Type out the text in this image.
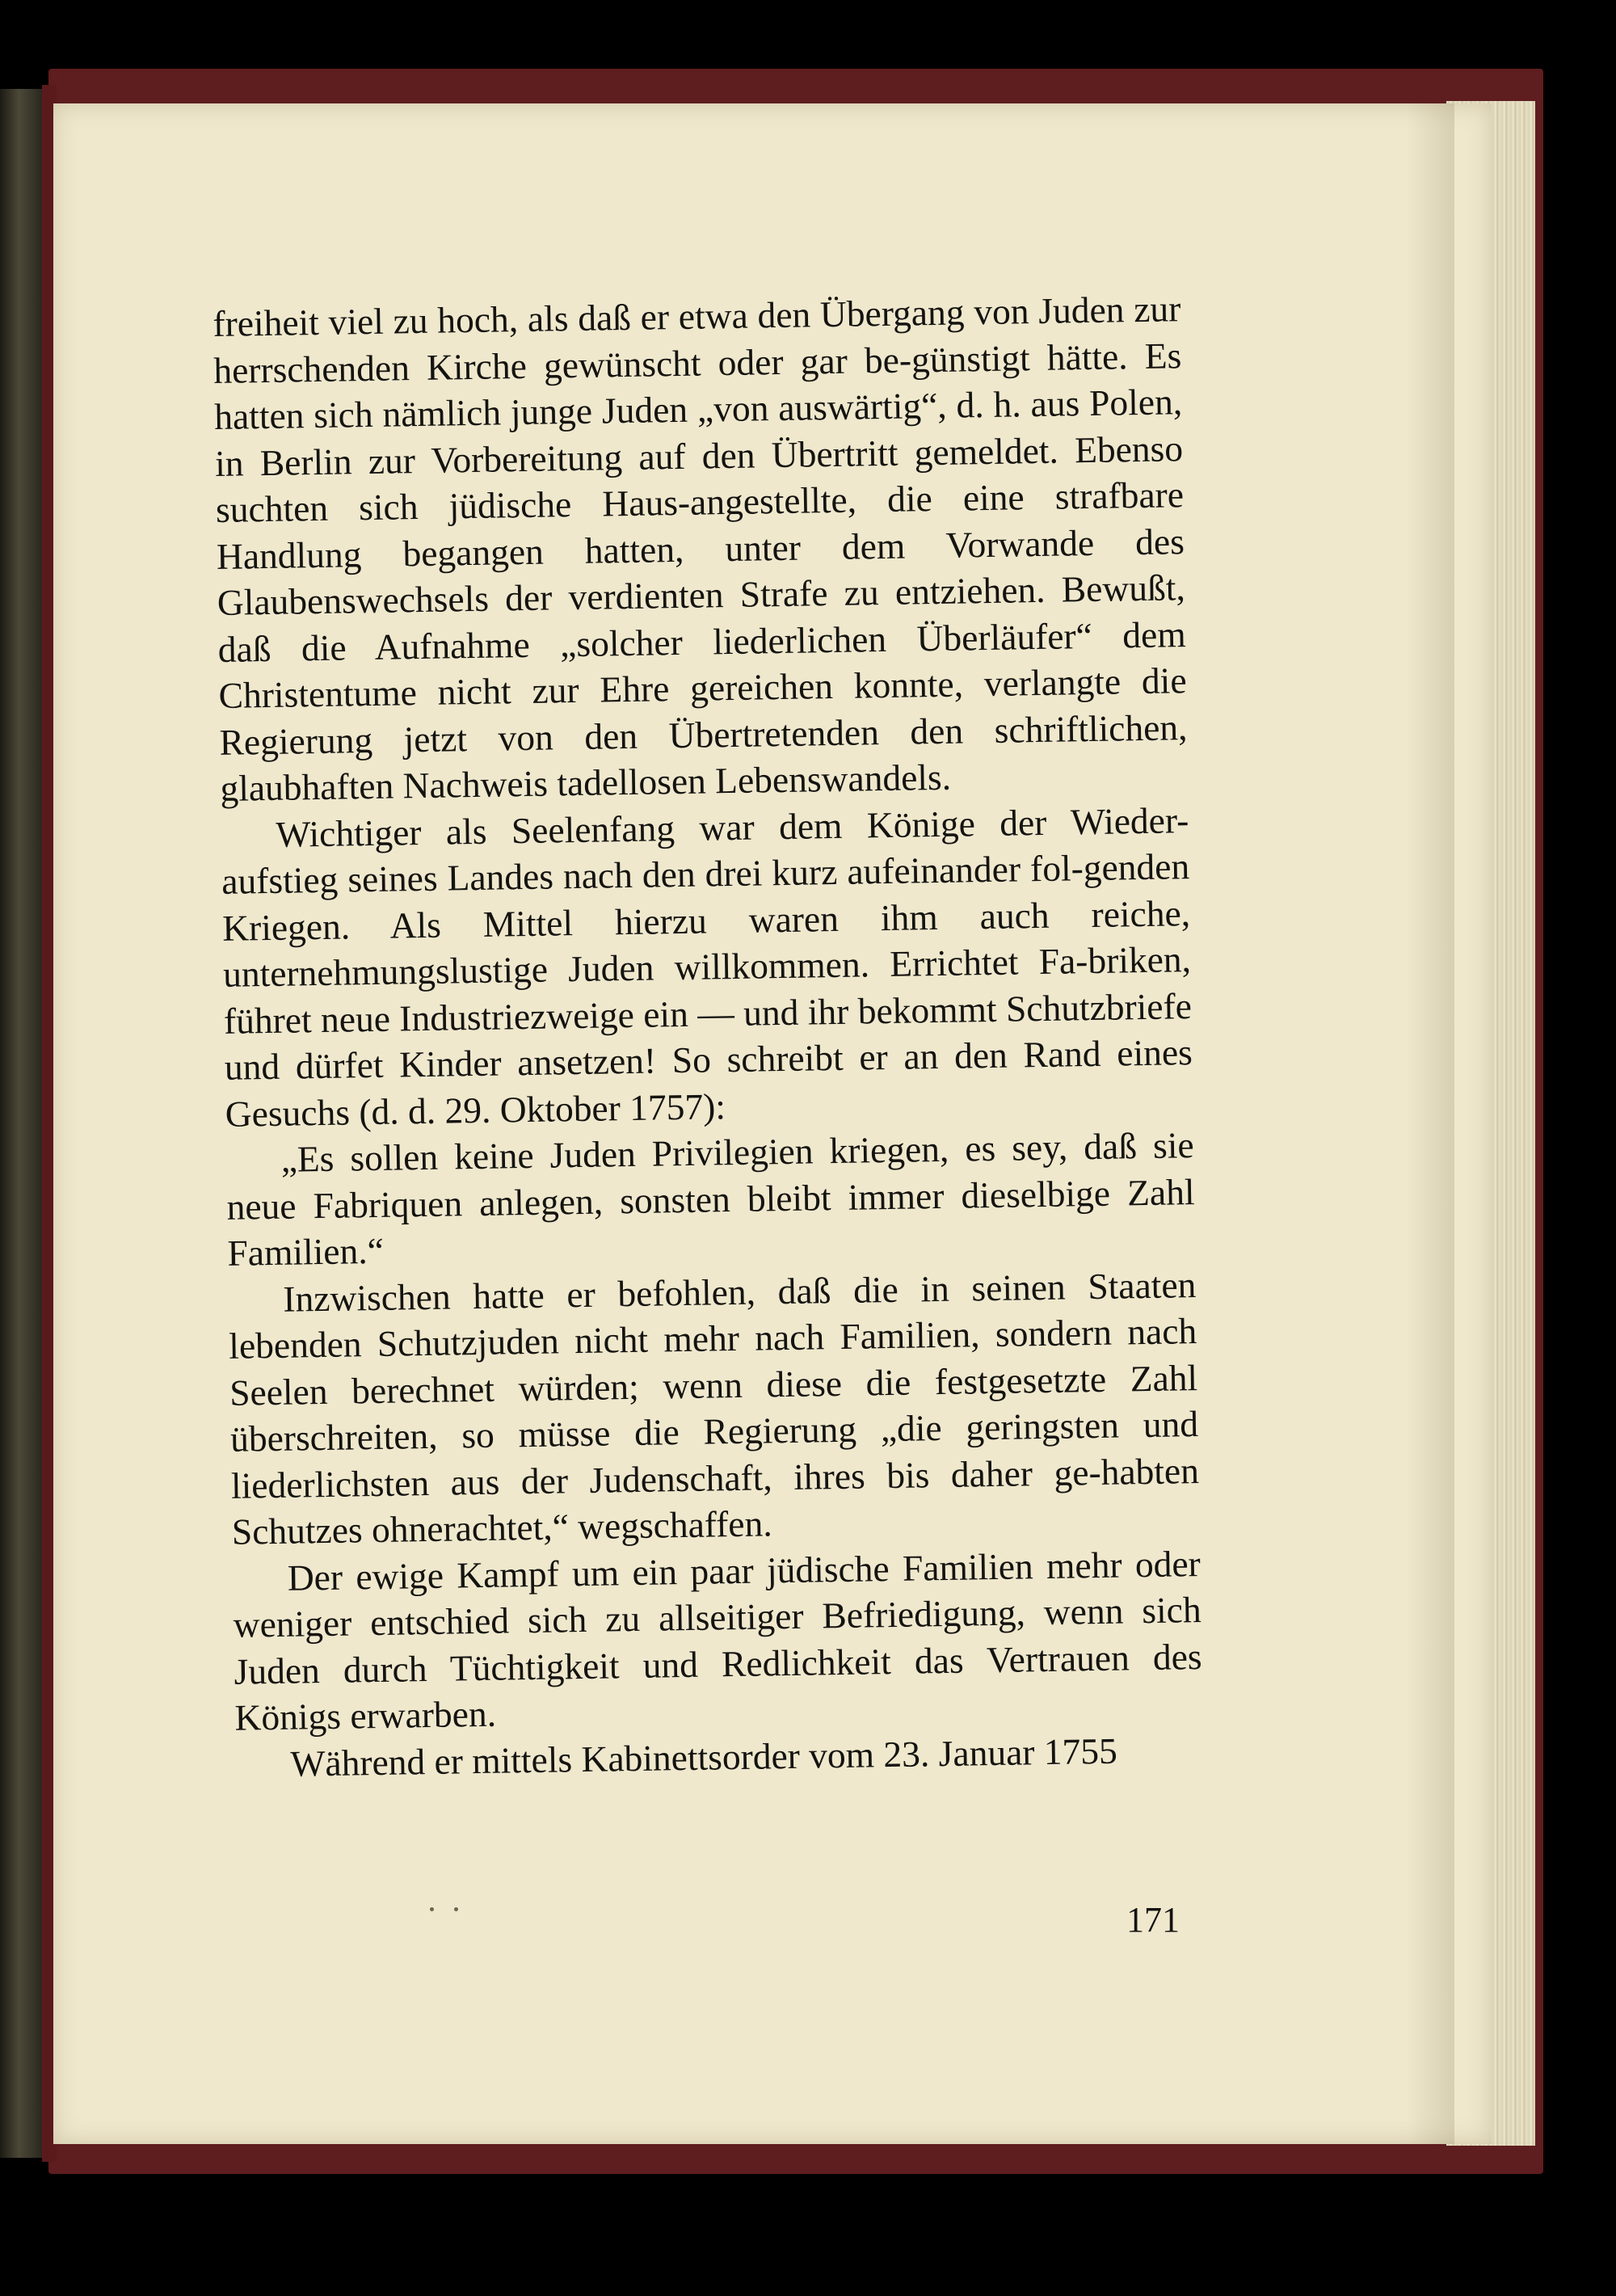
freiheit viel zu hoch, als daß er etwa den Übergang von Juden zur herrschenden Kirche gewünscht oder gar be-günstigt hätte. Es hatten sich nämlich junge Juden „von auswärtig“, d. h. aus Polen, in Berlin zur Vorbereitung auf den Übertritt gemeldet. Ebenso suchten sich jüdische Haus-angestellte, die eine strafbare Handlung begangen hatten, unter dem Vorwande des Glaubenswechsels der verdienten Strafe zu entziehen. Bewußt, daß die Aufnahme „solcher liederlichen Überläufer“ dem Christentume nicht zur Ehre gereichen konnte, verlangte die Regierung jetzt von den Übertretenden den schriftlichen, glaubhaften Nachweis tadellosen Lebenswandels.

Wichtiger als Seelenfang war dem Könige der Wieder-aufstieg seines Landes nach den drei kurz aufeinander fol-genden Kriegen. Als Mittel hierzu waren ihm auch reiche, unternehmungslustige Juden willkommen. Errichtet Fa-briken, führet neue Industriezweige ein — und ihr bekommt Schutzbriefe und dürfet Kinder ansetzen! So schreibt er an den Rand eines Gesuchs (d. d. 29. Oktober 1757):

„Es sollen keine Juden Privilegien kriegen, es sey, daß sie neue Fabriquen anlegen, sonsten bleibt immer dieselbige Zahl Familien.“

Inzwischen hatte er befohlen, daß die in seinen Staaten lebenden Schutzjuden nicht mehr nach Familien, sondern nach Seelen berechnet würden; wenn diese die festgesetzte Zahl überschreiten, so müsse die Regierung „die geringsten und liederlichsten aus der Judenschaft, ihres bis daher ge-habten Schutzes ohnerachtet,“ wegschaffen.

Der ewige Kampf um ein paar jüdische Familien mehr oder weniger entschied sich zu allseitiger Befriedigung, wenn sich Juden durch Tüchtigkeit und Redlichkeit das Vertrauen des Königs erwarben.

Während er mittels Kabinettsorder vom 23. Januar 1755

171
